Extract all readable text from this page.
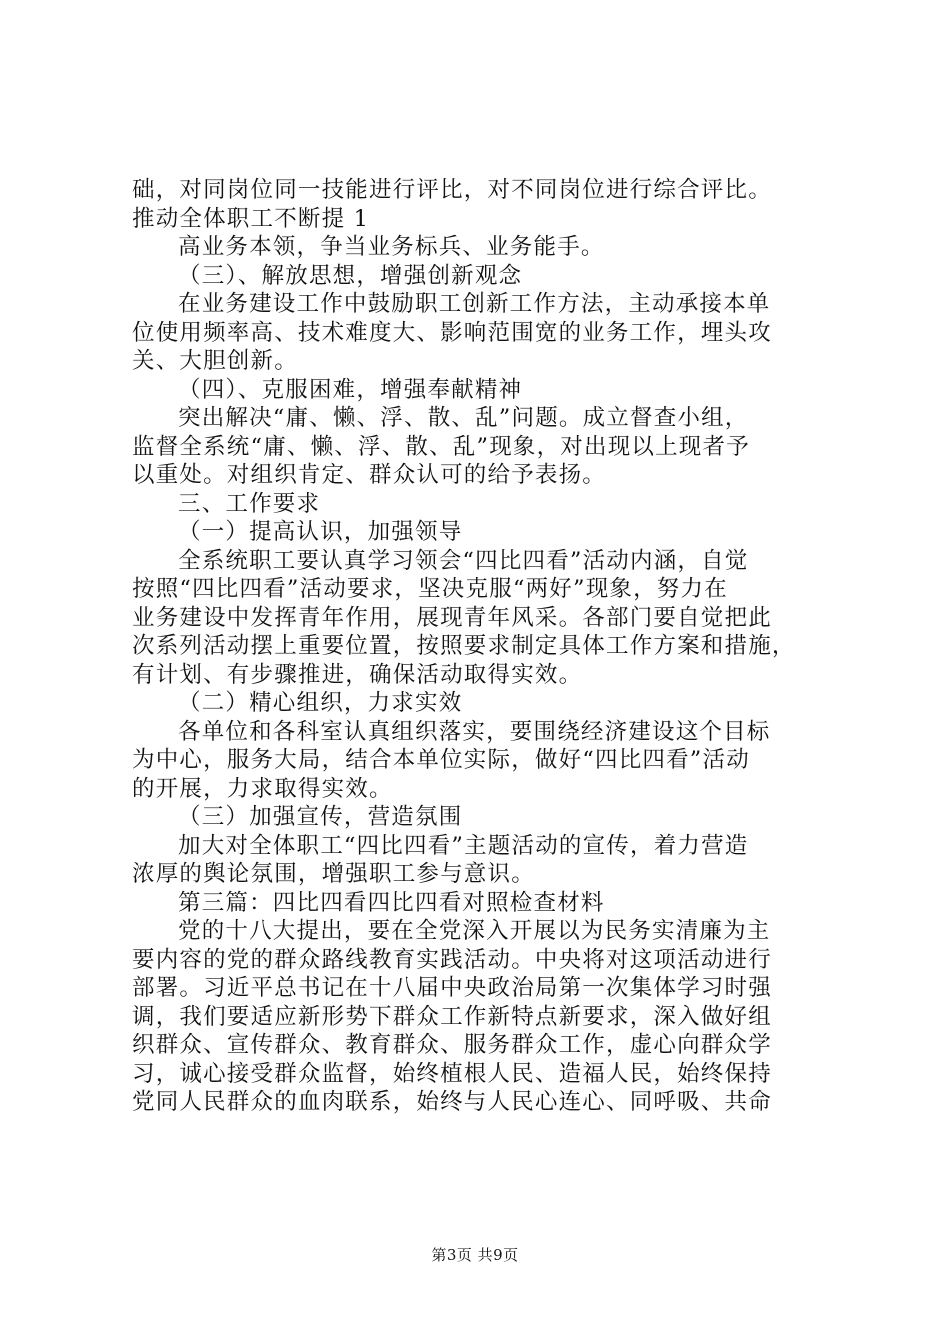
础，对同岗位同一技能进行评比，对不同岗位进行综合评比。
推动全体职工不断提 1
高业务本领，争当业务标兵、业务能手。
（三）、解放思想，增强创新观念
在业务建设工作中鼓励职工创新工作方法，主动承接本单
位使用频率高、技术难度大、影响范围宽的业务工作，埋头攻
关、大胆创新。
（四）、克服困难，增强奉献精神
突出解决“庸、懒、浮、散、乱”问题。成立督查小组，
监督全系统“庸、懒、浮、散、乱”现象，对出现以上现者予
以重处。对组织肯定、群众认可的给予表扬。
三、工作要求
（一）提高认识，加强领导
全系统职工要认真学习领会“四比四看”活动内涵，自觉
按照“四比四看”活动要求，坚决克服“两好”现象，努力在
业务建设中发挥青年作用，展现青年风采。各部门要自觉把此
次系列活动摆上重要位置，按照要求制定具体工作方案和措施，
有计划、有步骤推进，确保活动取得实效。
（二）精心组织，力求实效
各单位和各科室认真组织落实，要围绕经济建设这个目标
为中心，服务大局，结合本单位实际，做好“四比四看”活动
的开展，力求取得实效。
（三）加强宣传，营造氛围
加大对全体职工“四比四看”主题活动的宣传，着力营造
浓厚的舆论氛围，增强职工参与意识。
第三篇：四比四看四比四看对照检查材料
党的十八大提出，要在全党深入开展以为民务实清廉为主
要内容的党的群众路线教育实践活动。中央将对这项活动进行
部署。习近平总书记在十八届中央政治局第一次集体学习时强
调，我们要适应新形势下群众工作新特点新要求，深入做好组
织群众、宣传群众、教育群众、服务群众工作，虚心向群众学
习，诚心接受群众监督，始终植根人民、造福人民，始终保持
党同人民群众的血肉联系，始终与人民心连心、同呼吸、共命
第3页 共9页
